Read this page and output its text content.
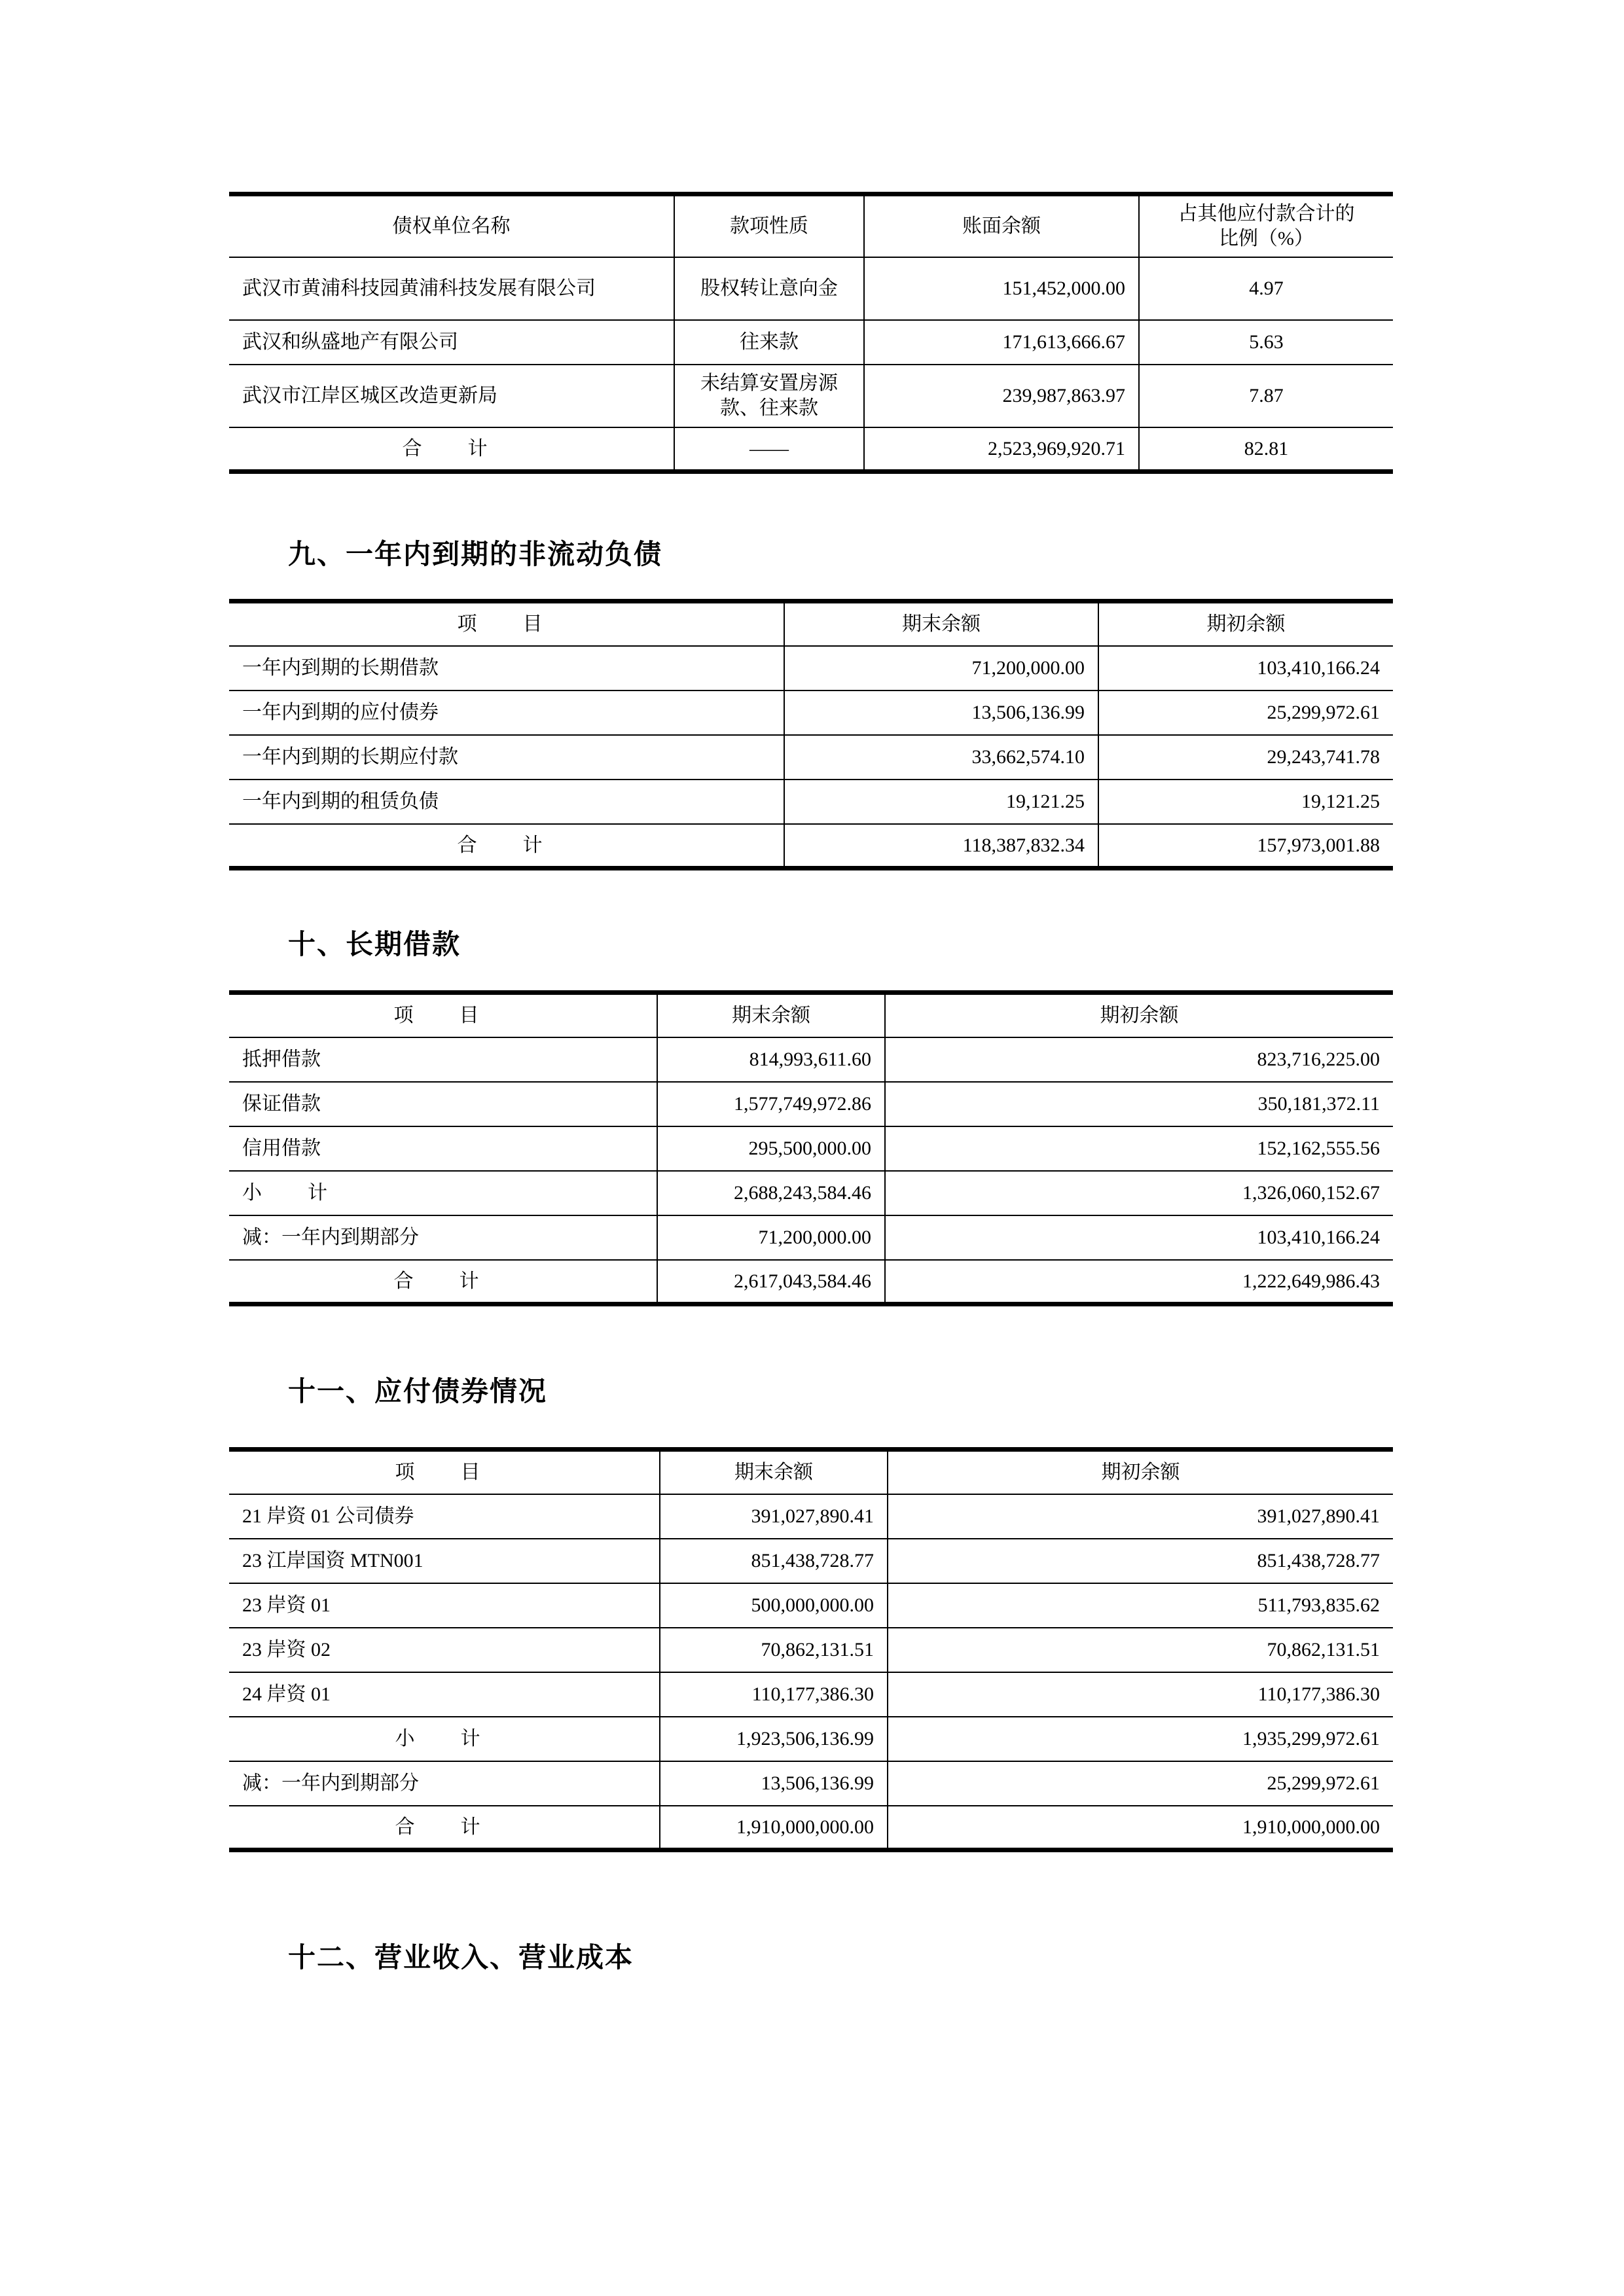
债权单位名称	款项性质	账面余额	占其他应付款合计的
比例（%）

武汉市黄浦科技园黄浦科技发展有限公司	股权转让意向金	151,452,000.00	4.97
武汉和纵盛地产有限公司	往来款	171,613,666.67	5.63
武汉市江岸区城区改造更新局	未结算安置房源
款、往来款	239,987,863.97	7.87
合　计	——	2,523,969,920.71	82.81
九、一年内到期的非流动负债
项　目	期末余额	期初余额
一年内到期的长期借款	71,200,000.00	103,410,166.24
一年内到期的应付债券	13,506,136.99	25,299,972.61
一年内到期的长期应付款	33,662,574.10	29,243,741.78
一年内到期的租赁负债	19,121.25	19,121.25
合　计	118,387,832.34	157,973,001.88
十、长期借款
项　目	期末余额	期初余额
抵押借款	814,993,611.60	823,716,225.00
保证借款	1,577,749,972.86	350,181,372.11
信用借款	295,500,000.00	152,162,555.56
小　计	2,688,243,584.46	1,326,060,152.67
减：一年内到期部分	71,200,000.00	103,410,166.24
合　计	2,617,043,584.46	1,222,649,986.43
十一、应付债券情况
项　目	期末余额	期初余额
21 岸资 01 公司债券	391,027,890.41	391,027,890.41
23 江岸国资 MTN001	851,438,728.77	851,438,728.77
23 岸资 01	500,000,000.00	511,793,835.62
23 岸资 02	70,862,131.51	70,862,131.51
24 岸资 01	110,177,386.30	110,177,386.30
小　计	1,923,506,136.99	1,935,299,972.61
减：一年内到期部分	13,506,136.99	25,299,972.61
合　计	1,910,000,000.00	1,910,000,000.00
十二、营业收入、营业成本
